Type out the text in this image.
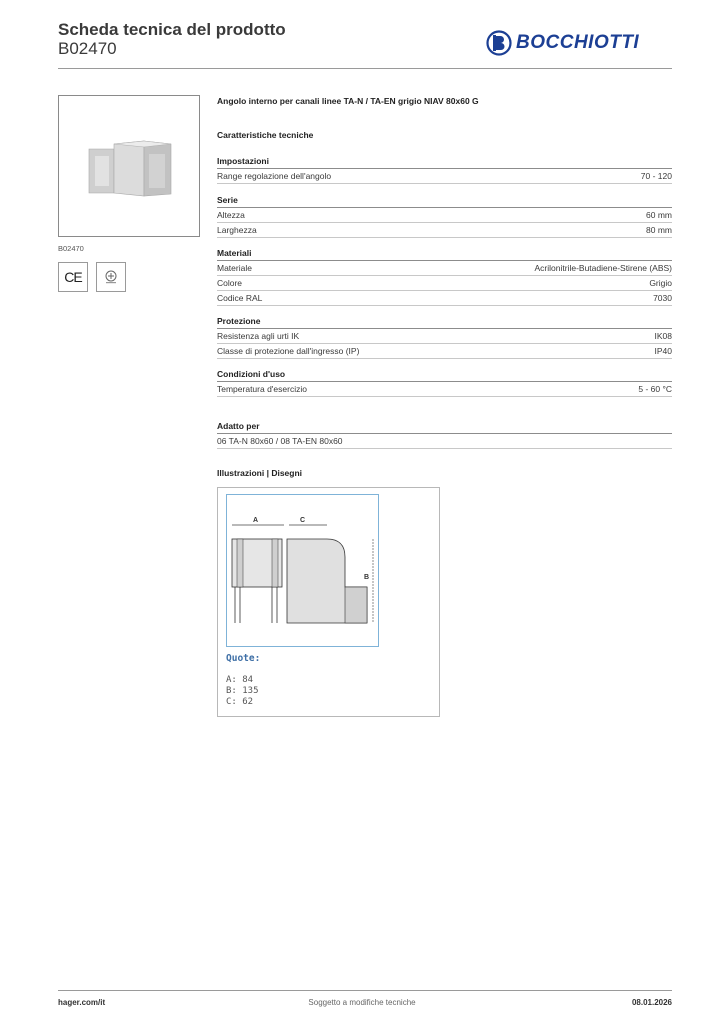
Scheda tecnica del prodotto
B02470	BOCCHIOTTI
B02470
CE
Angolo interno per canali linee TA-N / TA-EN grigio NIAV 80x60 G
Caratteristiche tecniche
Impostazioni
Range regolazione dell'angolo	70 - 120
Serie
Altezza	60 mm
Larghezza	80 mm
Materiali
Materiale	Acrilonitrile-Butadiene-Stirene (ABS)
Colore	Grigio
Codice RAL	7030
Protezione
Resistenza agli urti IK	IK08
Classe di protezione dall'ingresso (IP)	IP40
Condizioni d'uso
Temperatura d'esercizio	5 - 60 °C
Adatto per
06 TA-N 80x60 / 08 TA-EN 80x60
Illustrazioni | Disegni
A	C
B
Quote:
A: 84
B: 135
C: 62
hager.com/it	Soggetto a modifiche tecniche	08.01.2026
